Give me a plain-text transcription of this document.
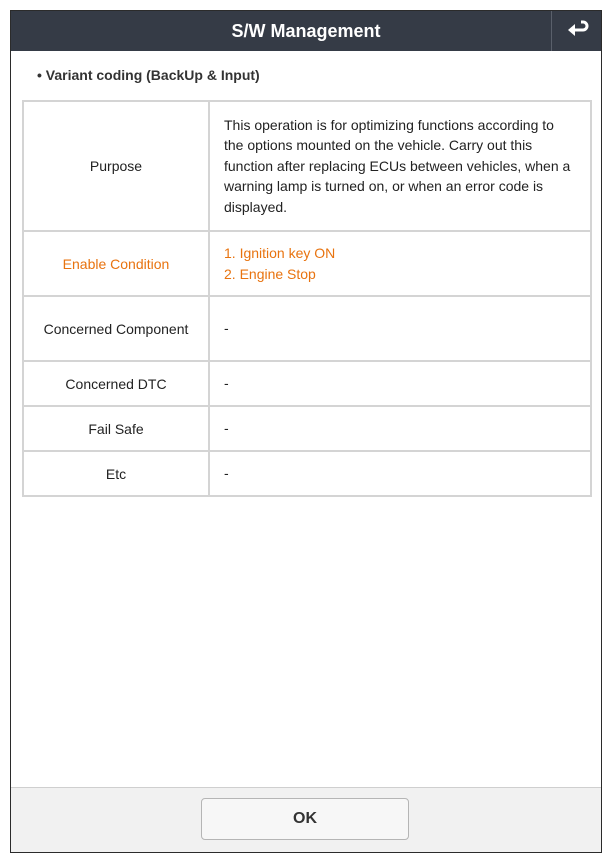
S/W Management
• Variant coding (BackUp & Input)
Purpose	This operation is for optimizing functions according to the options mounted on the vehicle. Carry out this function after replacing ECUs between vehicles, when a warning lamp is turned on, or when an error code is displayed.
Enable Condition	1. Ignition key ON
2. Engine Stop

Concerned Component	-
Concerned DTC	-
Fail Safe	-
Etc	-
OK
